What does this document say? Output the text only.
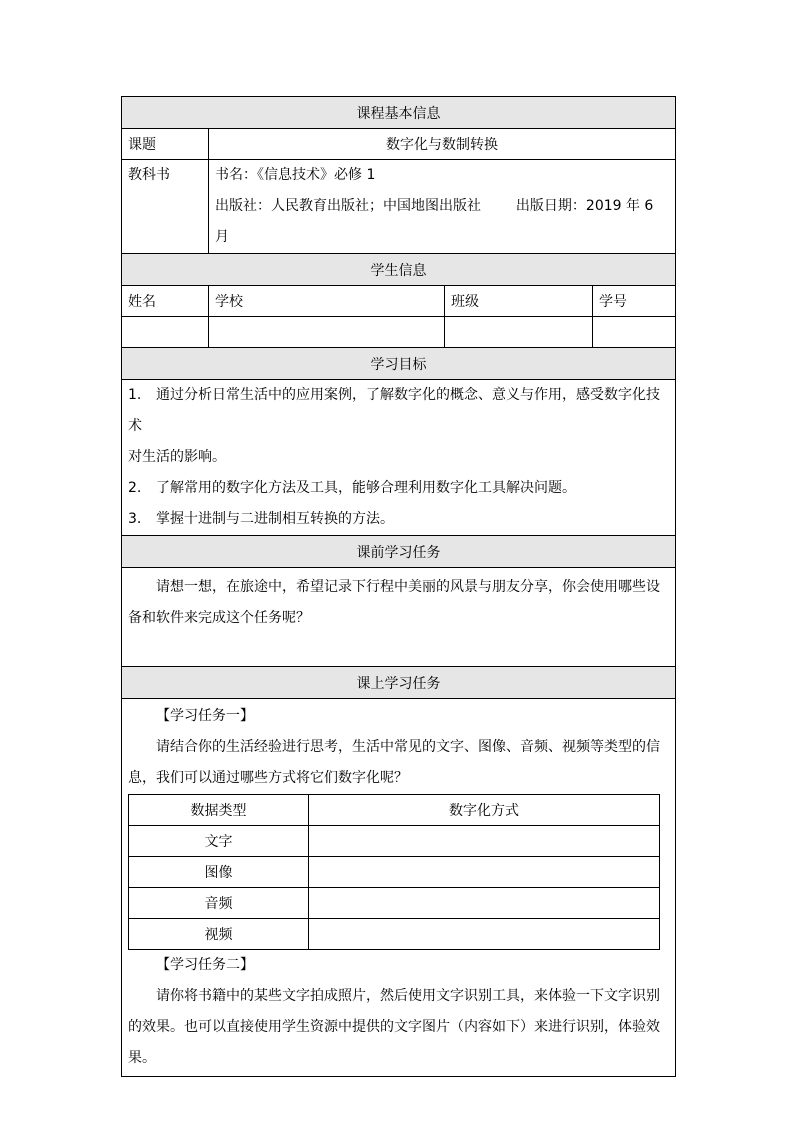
课程基本信息
课题	数字化与数制转换
教科书	书名：《信息技术》必修 1
出版社：人民教育出版社；中国地图出版社 出版日期：2019 年 6 月

学生信息
姓名	学校	班级	学号

学习目标

1. 通过分析日常生活中的应用案例，了解数字化的概念、意义与作用，感受数字化技术
对生活的影响。
2. 了解常用的数字化方法及工具，能够合理利用数字化工具解决问题。
3. 掌握十进制与二进制相互转换的方法。

课前学习任务

请想一想，在旅途中，希望记录下行程中美丽的风景与朋友分享，你会使用哪些设备和软件来完成这个任务呢？

课上学习任务

【学习任务一】
请结合你的生活经验进行思考，生活中常见的文字、图像、音频、视频等类型的信息，我们可以通过哪些方式将它们数字化呢？
数据类型	数字化方式
文字	
图像	
音频	
视频	
【学习任务二】
请你将书籍中的某些文字拍成照片，然后使用文字识别工具，来体验一下文字识别的效果。也可以直接使用学生资源中提供的文字图片（内容如下）来进行识别，体验效果。
